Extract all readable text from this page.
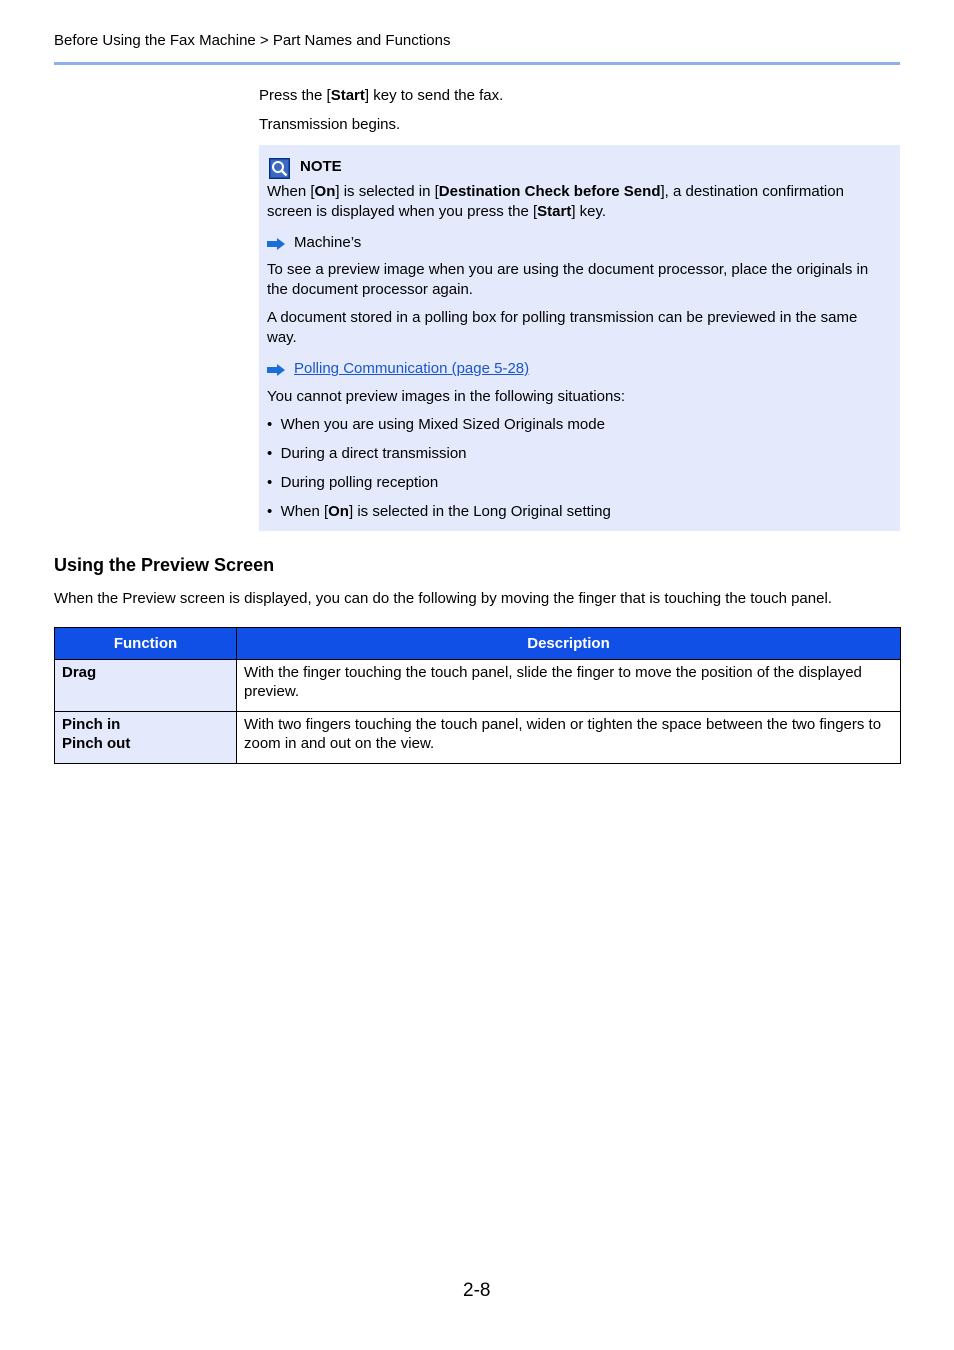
Before Using the Fax Machine > Part Names and Functions
Press the [Start] key to send the fax.
Transmission begins.
NOTE
When [On] is selected in [Destination Check before Send], a destination confirmation screen is displayed when you press the [Start] key.
Machine’s
To see a preview image when you are using the document processor, place the originals in the document processor again.
A document stored in a polling box for polling transmission can be previewed in the same way.
Polling Communication (page 5-28)
You cannot preview images in the following situations:
• When you are using Mixed Sized Originals mode
• During a direct transmission
• During polling reception
• When [On] is selected in the Long Original setting
Using the Preview Screen
When the Preview screen is displayed, you can do the following by moving the finger that is touching the touch panel.
Function	Description

Drag	With the finger touching the touch panel, slide the finger to move the position of the displayed preview.

Pinch in
Pinch out	With two fingers touching the touch panel, widen or tighten the space between the two fingers to zoom in and out on the view.
2-8
